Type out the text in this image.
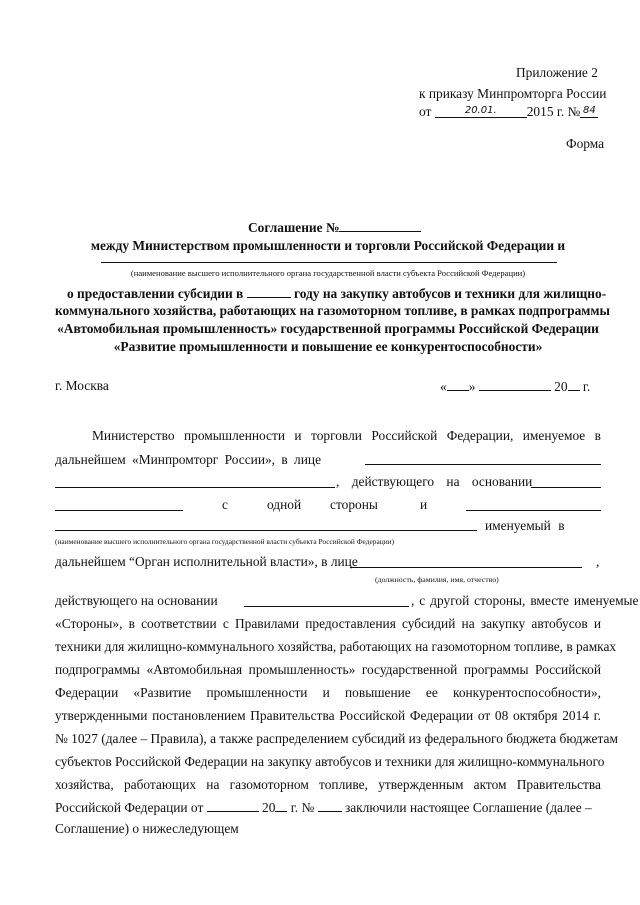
Приложение 2
к приказу Минпромторга России
от	$^{20.01.}$ 2015 г. № $^{84}$
Форма
Соглашение №
между Министерством промышленности и торговли Российской Федерации и
(наименование высшего исполнительного органа государственной власти субъекта Российской Федерации)
о предоставлении субсидии в	году на закупку автобусов и техники для жилищно-
коммунального хозяйства, работающих на газомоторном топливе, в рамках подпрограммы
«Автомобильная промышленность» государственной программы Российской Федерации
«Развитие промышленности и повышение ее конкурентоспособности»
г. Москва	« »	20 г.
Министерство промышленности и торговли Российской Федерации, именуемое в
дальнейшем «Минпромторг России», в лице
, действующего на основании
с	одной стороны	и
именуемый в
(наименование высшего исполнительного органа государственной власти субъекта Российской Федерации)
дальнейшем “Орган исполнительной власти», в лице	,
(должность, фамилия, имя, отчество)
действующего на основании	, с другой стороны, вместе именуемые
«Стороны», в соответствии с Правилами предоставления субсидий на закупку автобусов и
техники для жилищно-коммунального хозяйства, работающих на газомоторном топливе, в рамках
подпрограммы «Автомобильная промышленность» государственной программы Российской
Федерации «Развитие промышленности и повышение ее конкурентоспособности»,
утвержденными постановлением Правительства Российской Федерации от 08 октября 2014 г.
№ 1027 (далее – Правила), а также распределением субсидий из федерального бюджета бюджетам
субъектов Российской Федерации на закупку автобусов и техники для жилищно-коммунального
хозяйства, работающих на газомоторном топливе, утвержденным актом Правительства
Российской Федерации от	20 г. № заключили настоящее Соглашение (далее –
Соглашение) о нижеследующем
